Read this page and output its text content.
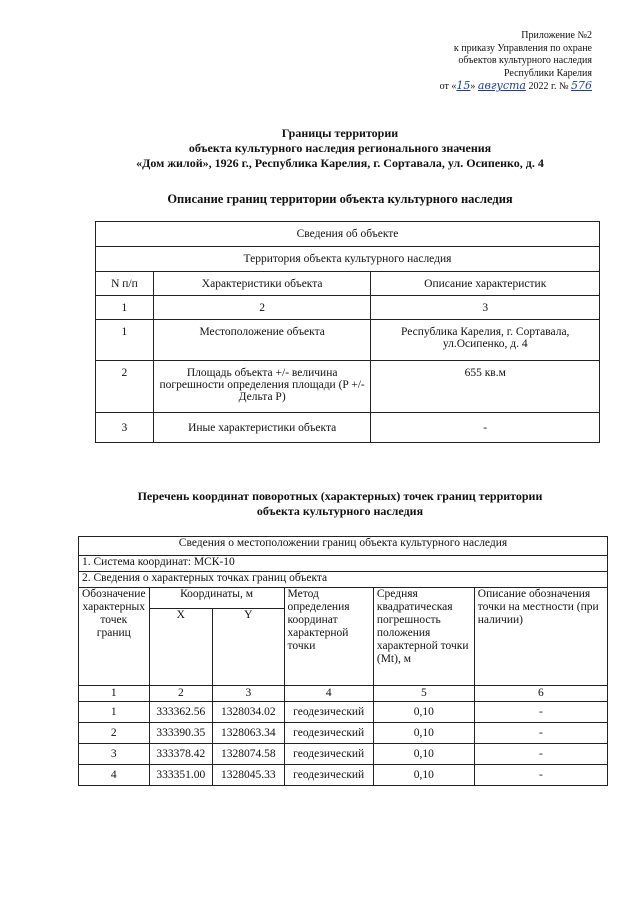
Приложение №2
к приказу Управления по охране
объектов культурного наследия
Республики Карелия
от «15» августа 2022 г. № 576
Границы территории
объекта культурного наследия регионального значения
«Дом жилой», 1926 г., Республика Карелия, г. Сортавала, ул. Осипенко, д. 4
Описание границ территории объекта культурного наследия
Сведения об объекте		
Территория объекта культурного наследия		
N п/п	Характеристики объекта	Описание характеристик
1	2	3
1	Местоположение объекта	Республика Карелия, г. Сортавала, ул.Осипенко, д. 4
2	Площадь объекта +/- величина погрешности определения площади (P +/- Дельта P)	655 кв.м
3	Иные характеристики объекта	-
Перечень координат поворотных (характерных) точек границ территории
объекта культурного наследия
Сведения о местоположении границ объекта культурного наследия					
1. Система координат: МСК-10					
2. Сведения о характерных точках границ объекта					
Обозначение характерных точек границ	Координаты, м		Метод определения координат характерной точки	Средняя квадратическая погрешность положения характерной точки (Mt), м	Описание обозначения точки на местности (при наличии)
	X	Y			
1	2	3	4	5	6
1	333362.56	1328034.02	геодезический	0,10	-
2	333390.35	1328063.34	геодезический	0,10	-
3	333378.42	1328074.58	геодезический	0,10	-
4	333351.00	1328045.33	геодезический	0,10	-
